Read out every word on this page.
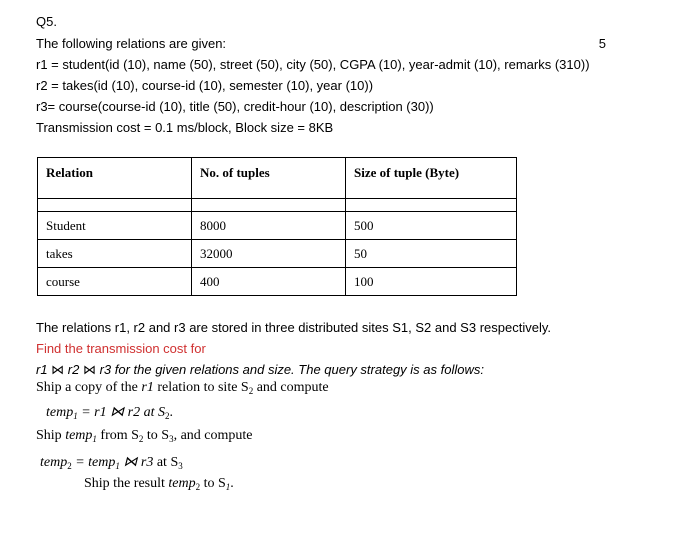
Q5.
The following relations are given:	5
r1 = student(id (10), name (50), street (50), city (50), CGPA (10), year-admit (10), remarks (310))
r2 = takes(id (10), course-id (10), semester (10), year (10))
r3= course(course-id (10), title (50), credit-hour (10), description (30))
Transmission cost = 0.1 ms/block, Block size = 8KB
Relation	No. of tuples	Size of tuple (Byte)

Student	8000	500
takes	32000	50
course	400	100
The relations r1, r2 and r3 are stored in three distributed sites S1, S2 and S3 respectively.
Find the transmission cost for
r1 ⋈ r2 ⋈ r3 for the given relations and size. The query strategy is as follows:
Ship a copy of the r1 relation to site $S_2$ and compute
temp$_1$ = r1 ⋈ r2 at $S_2$.
Ship temp$_1$ from $S_2$ to $S_3$, and compute
temp$_2$ = temp$_1$ ⋈ r3 at $S_3$
Ship the result temp$_2$ to $S_1$.
